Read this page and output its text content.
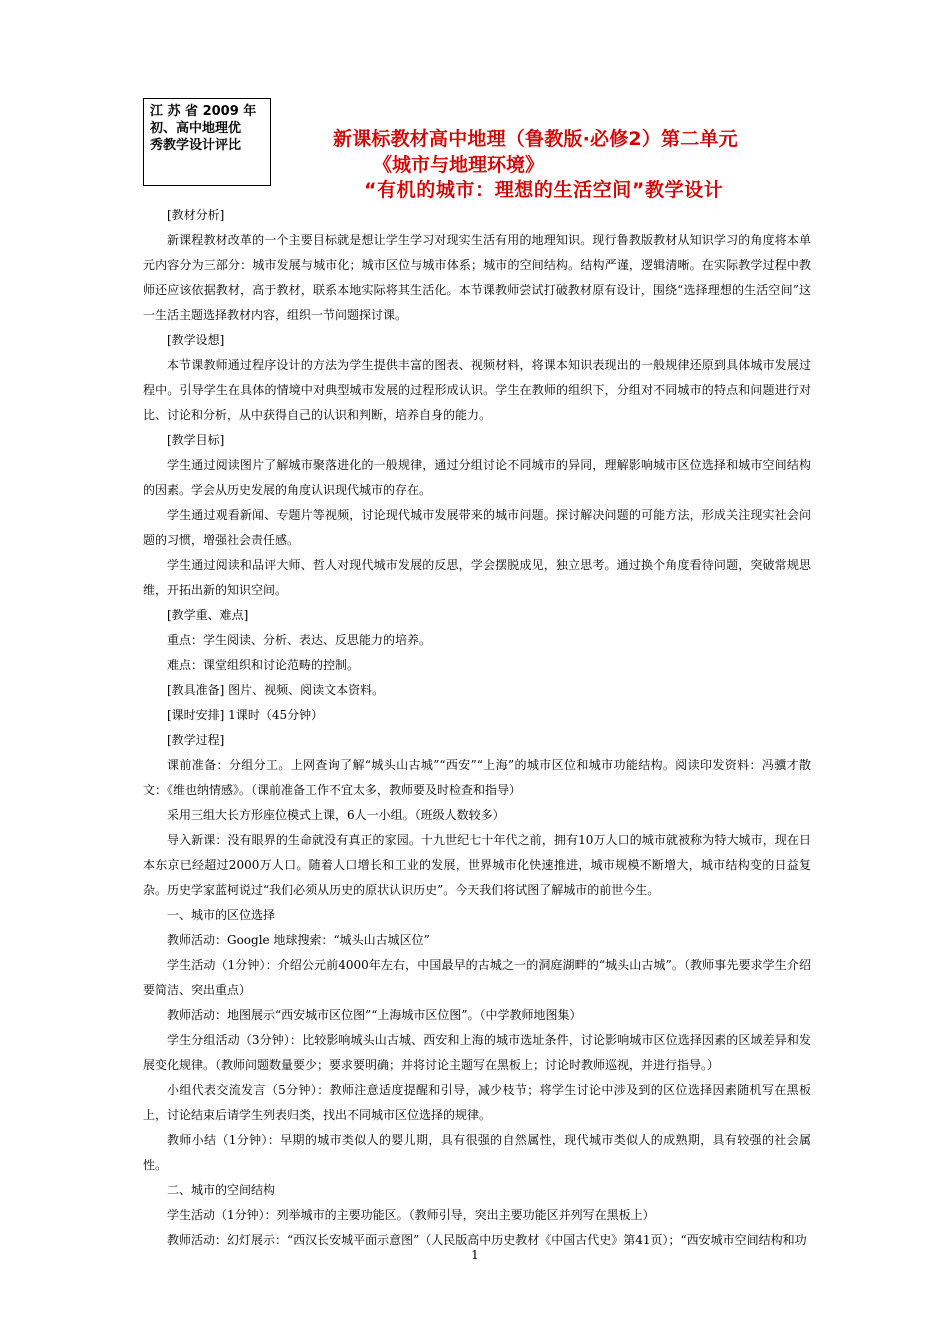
江 苏 省 2009 年
初、高中地理优
秀教学设计评比	新课标教材高中地理（鲁教版·必修2）第二单元
《城市与地理环境》
“有机的城市：理想的生活空间”教学设计

[教材分析]

新课程教材改革的一个主要目标就是想让学生学习对现实生活有用的地理知识。现行鲁教版教材从知识学习的角度将本单元内容分为三部分：城市发展与城市化；城市区位与城市体系；城市的空间结构。结构严谨，逻辑清晰。在实际教学过程中教师还应该依据教材，高于教材，联系本地实际将其生活化。本节课教师尝试打破教材原有设计，围绕“选择理想的生活空间”这一生活主题选择教材内容，组织一节问题探讨课。

[教学设想]

本节课教师通过程序设计的方法为学生提供丰富的图表、视频材料，将课本知识表现出的一般规律还原到具体城市发展过程中。引导学生在具体的情境中对典型城市发展的过程形成认识。学生在教师的组织下，分组对不同城市的特点和问题进行对比、讨论和分析，从中获得自己的认识和判断，培养自身的能力。

[教学目标]

学生通过阅读图片了解城市聚落进化的一般规律，通过分组讨论不同城市的异同，理解影响城市区位选择和城市空间结构的因素。学会从历史发展的角度认识现代城市的存在。

学生通过观看新闻、专题片等视频，讨论现代城市发展带来的城市问题。探讨解决问题的可能方法，形成关注现实社会问题的习惯，增强社会责任感。

学生通过阅读和品评大师、哲人对现代城市发展的反思，学会摆脱成见，独立思考。通过换个角度看待问题，突破常规思维，开拓出新的知识空间。

[教学重、难点]

重点：学生阅读、分析、表达、反思能力的培养。

难点：课堂组织和讨论范畴的控制。

[教具准备] 图片、视频、阅读文本资料。

[课时安排] 1课时（45分钟）

[教学过程]

课前准备：分组分工。上网查询了解“城头山古城”“西安”“上海”的城市区位和城市功能结构。阅读印发资料：冯骥才散文：《维也纳情感》。（课前准备工作不宜太多，教师要及时检查和指导）

采用三组大长方形座位模式上课，6人一小组。（班级人数较多）

导入新课：没有眼界的生命就没有真正的家园。十九世纪七十年代之前，拥有10万人口的城市就被称为特大城市，现在日本东京已经超过2000万人口。随着人口增长和工业的发展，世界城市化快速推进，城市规模不断增大，城市结构变的日益复杂。历史学家蓝柯说过“我们必须从历史的原状认识历史”。今天我们将试图了解城市的前世今生。

一、城市的区位选择

教师活动：Google 地球搜索：“城头山古城区位”

学生活动（1分钟）：介绍公元前4000年左右，中国最早的古城之一的洞庭湖畔的“城头山古城”。（教师事先要求学生介绍要简洁、突出重点）

教师活动：地图展示“西安城市区位图”“上海城市区位图”。（中学教师地图集）

学生分组活动（3分钟）：比较影响城头山古城、西安和上海的城市选址条件，讨论影响城市区位选择因素的区域差异和发展变化规律。（教师问题数量要少；要求要明确；并将讨论主题写在黑板上；讨论时教师巡视，并进行指导。）

小组代表交流发言（5分钟）：教师注意适度提醒和引导，减少枝节；将学生讨论中涉及到的区位选择因素随机写在黑板上，讨论结束后请学生列表归类，找出不同城市区位选择的规律。

教师小结（1分钟）：早期的城市类似人的婴儿期，具有很强的自然属性，现代城市类似人的成熟期，具有较强的社会属性。

二、城市的空间结构

学生活动（1分钟）：列举城市的主要功能区。（教师引导，突出主要功能区并列写在黑板上）

教师活动：幻灯展示：“西汉长安城平面示意图”（人民版高中历史教材《中国古代史》第41页）；“西安城市空间结构和功

1
